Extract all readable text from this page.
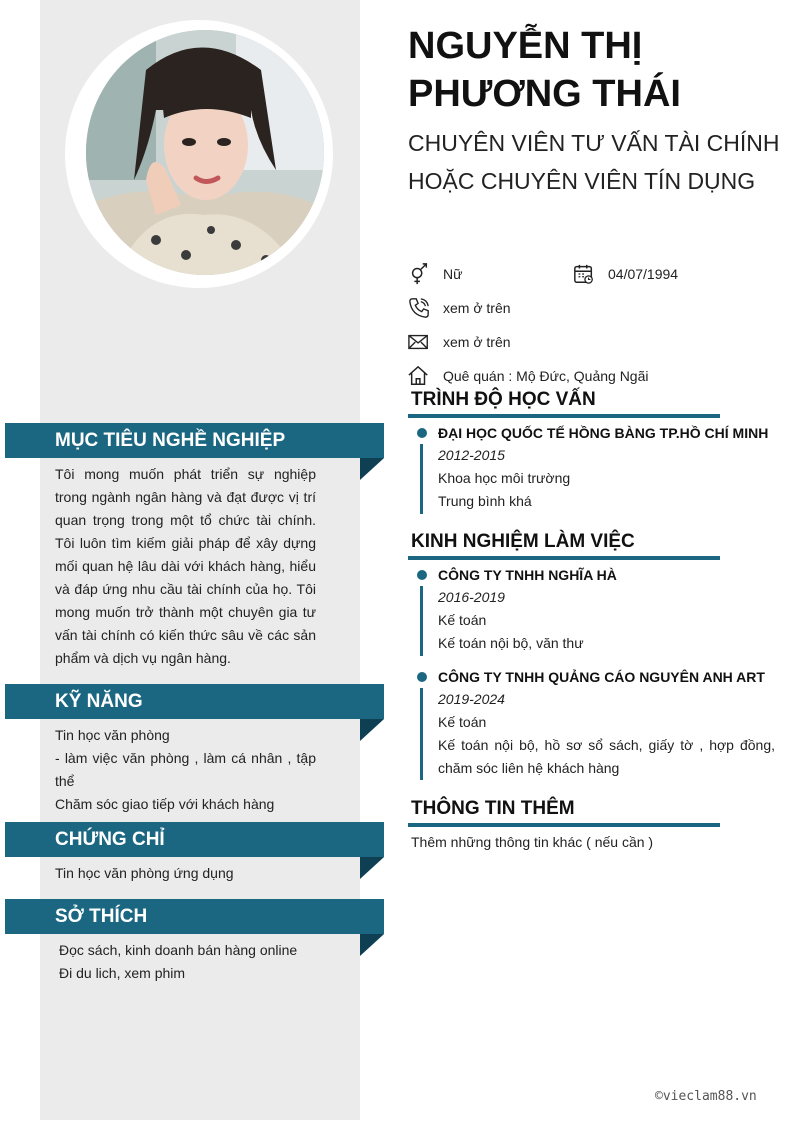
NGUYỄN THỊ
PHƯƠNG THÁI
CHUYÊN VIÊN TƯ VẤN TÀI CHÍNH HOẶC CHUYÊN VIÊN TÍN DỤNG
Nữ	04/07/1994
xem ở trên
xem ở trên
Quê quán : Mộ Đức, Quảng Ngãi
MỤC TIÊU NGHỀ NGHIỆP
Tôi mong muốn phát triển sự nghiệp trong ngành ngân hàng và đạt được vị trí quan trọng trong một tổ chức tài chính. Tôi luôn tìm kiếm giải pháp để xây dựng mối quan hệ lâu dài với khách hàng, hiểu và đáp ứng nhu cầu tài chính của họ. Tôi mong muốn trở thành một chuyên gia tư vấn tài chính có kiến thức sâu về các sản phẩm và dịch vụ ngân hàng.
KỸ NĂNG
Tin học văn phòng
- làm việc văn phòng , làm cá nhân , tập thể
Chăm sóc giao tiếp với khách hàng
CHỨNG CHỈ
Tin học văn phòng ứng dụng
SỞ THÍCH
Đọc sách, kinh doanh bán hàng online
Đi du lich, xem phim
TRÌNH ĐỘ HỌC VẤN
ĐẠI HỌC QUỐC TẾ HỒNG BÀNG TP.HỒ CHÍ MINH
2012-2015
Khoa học môi trường
Trung bình khá
KINH NGHIỆM LÀM VIỆC
CÔNG TY TNHH NGHĨA HÀ
2016-2019
Kế toán
Kế toán nội bộ, văn thư
CÔNG TY TNHH QUẢNG CÁO NGUYÊN ANH ART
2019-2024
Kế toán
Kế toán nội bộ, hồ sơ sổ sách, giấy tờ , hợp đồng, chăm sóc liên hệ khách hàng
THÔNG TIN THÊM
Thêm những thông tin khác ( nếu cần )
©vieclam88.vn
